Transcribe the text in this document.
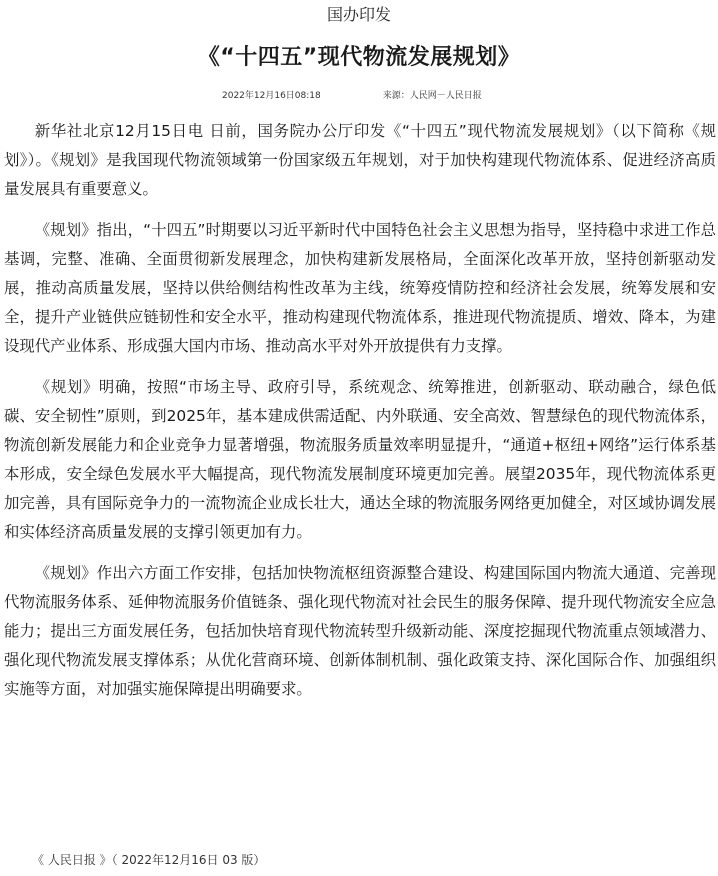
国办印发
《“十四五”现代物流发展规划》
2022年12月16日08:18	来源：人民网－人民日报

新华社北京12月15日电 日前，国务院办公厅印发《“十四五”现代物流发展规划》（以下简称《规划》）。《规划》是我国现代物流领域第一份国家级五年规划，对于加快构建现代物流体系、促进经济高质量发展具有重要意义。

《规划》指出，“十四五”时期要以习近平新时代中国特色社会主义思想为指导，坚持稳中求进工作总基调，完整、准确、全面贯彻新发展理念，加快构建新发展格局，全面深化改革开放，坚持创新驱动发展，推动高质量发展，坚持以供给侧结构性改革为主线，统筹疫情防控和经济社会发展，统筹发展和安全，提升产业链供应链韧性和安全水平，推动构建现代物流体系，推进现代物流提质、增效、降本，为建设现代产业体系、形成强大国内市场、推动高水平对外开放提供有力支撑。

《规划》明确，按照“市场主导、政府引导，系统观念、统筹推进，创新驱动、联动融合，绿色低碳、安全韧性”原则，到2025年，基本建成供需适配、内外联通、安全高效、智慧绿色的现代物流体系，物流创新发展能力和企业竞争力显著增强，物流服务质量效率明显提升，“通道+枢纽+网络”运行体系基本形成，安全绿色发展水平大幅提高，现代物流发展制度环境更加完善。展望2035年，现代物流体系更加完善，具有国际竞争力的一流物流企业成长壮大，通达全球的物流服务网络更加健全，对区域协调发展和实体经济高质量发展的支撑引领更加有力。

《规划》作出六方面工作安排，包括加快物流枢纽资源整合建设、构建国际国内物流大通道、完善现代物流服务体系、延伸物流服务价值链条、强化现代物流对社会民生的服务保障、提升现代物流安全应急能力；提出三方面发展任务，包括加快培育现代物流转型升级新动能、深度挖掘现代物流重点领域潜力、强化现代物流发展支撑体系；从优化营商环境、创新体制机制、强化政策支持、深化国际合作、加强组织实施等方面，对加强实施保障提出明确要求。

《 人民日报 》（ 2022年12月16日 03 版）
